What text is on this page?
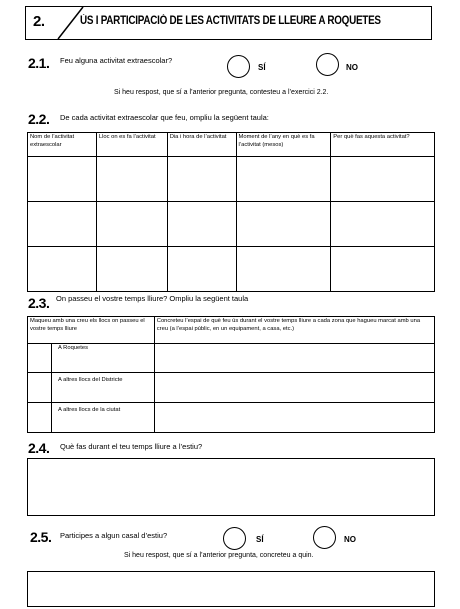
2.	ÚS I PARTICIPACIÓ DE LES ACTIVITATS DE LLEURE A ROQUETES
2.1. Feu alguna activitat extraescolar?
SÍ	NO
Si heu respost, que sí a l’anterior pregunta, contesteu a l’exercici 2.2.
2.2. De cada activitat extraescolar que feu, ompliu la següent taula:
Nom de l’activitat extraescolar	Lloc on es fa l’activitat	Dia i hora de l’activitat	Moment de l’any en què es fa l’activitat (mesos)	Per què fas aquesta activitat?

2.3. On passeu el vostre temps lliure? Ompliu la següent taula
Maqueu amb una creu els llocs on passeu el vostre temps lliure	Concreteu l’espai de què feu ús durant el vostre temps lliure a cada zona que hagueu marcat amb una creu (a l’espai públic, en un equipament, a casa, etc.)
A Roquetes	
A altres llocs del Districte	
A altres llocs de la ciutat	
2.4. Què fas durant el teu temps lliure a l’estiu?
2.5. Participes a algun casal d’estiu?	SÍ	NO
Si heu respost, que sí a l’anterior pregunta, concreteu a quin.
